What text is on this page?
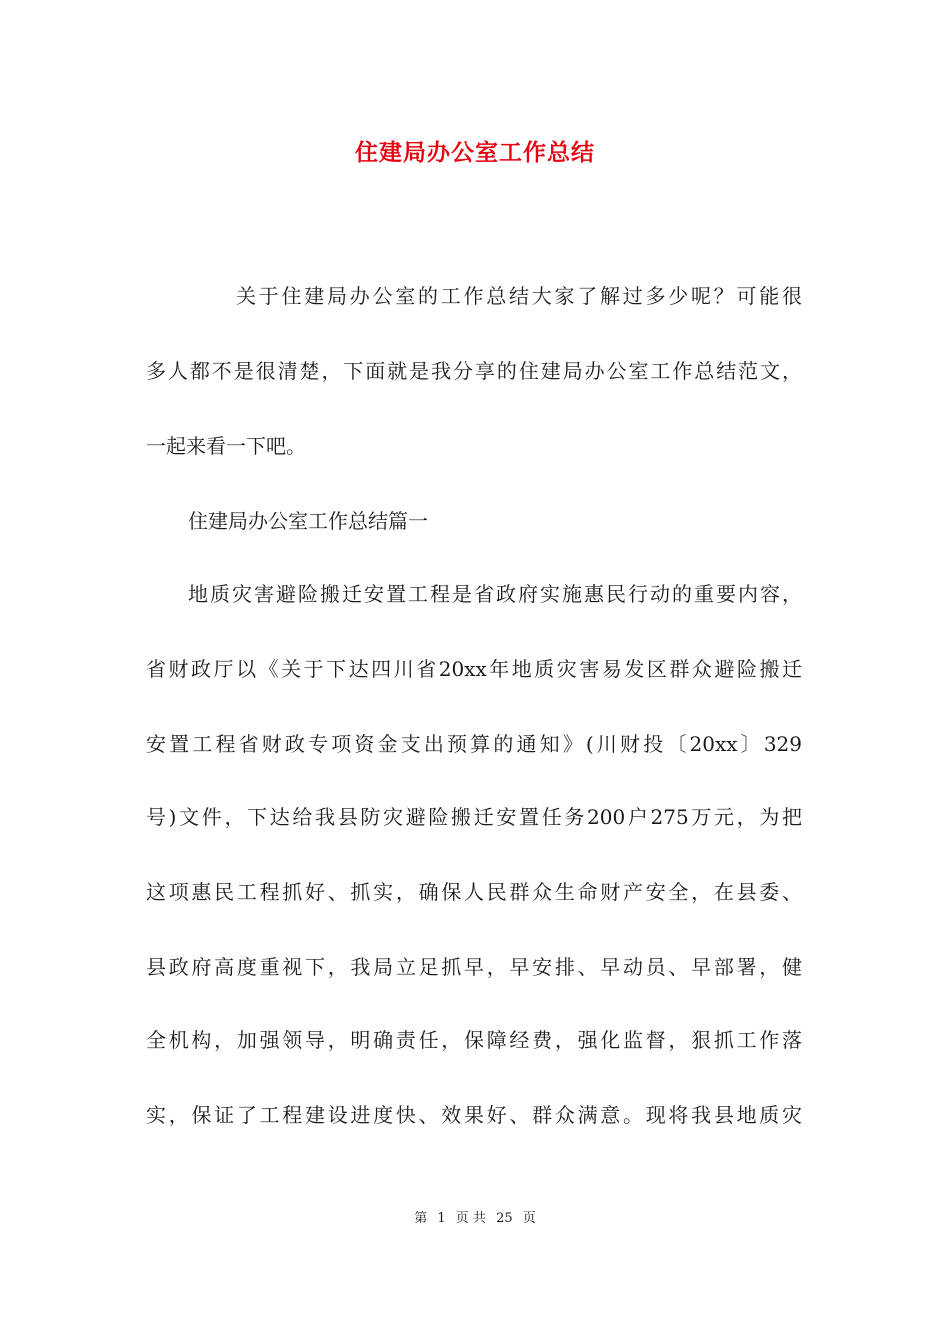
住建局办公室工作总结
关于住建局办公室的工作总结大家了解过多少呢？可能很
多人都不是很清楚，下面就是我分享的住建局办公室工作总结范文，
一起来看一下吧。
住建局办公室工作总结篇一
地质灾害避险搬迁安置工程是省政府实施惠民行动的重要内容，
省财政厅以《关于下达四川省20xx年地质灾害易发区群众避险搬迁
安置工程省财政专项资金支出预算的通知》(川财投〔20xx〕329
号)文件，下达给我县防灾避险搬迁安置任务200户275万元，为把
这项惠民工程抓好、抓实，确保人民群众生命财产安全，在县委、
县政府高度重视下，我局立足抓早，早安排、早动员、早部署，健
全机构，加强领导，明确责任，保障经费，强化监督，狠抓工作落
实，保证了工程建设进度快、效果好、群众满意。现将我县地质灾
第 1 页 共 25 页
